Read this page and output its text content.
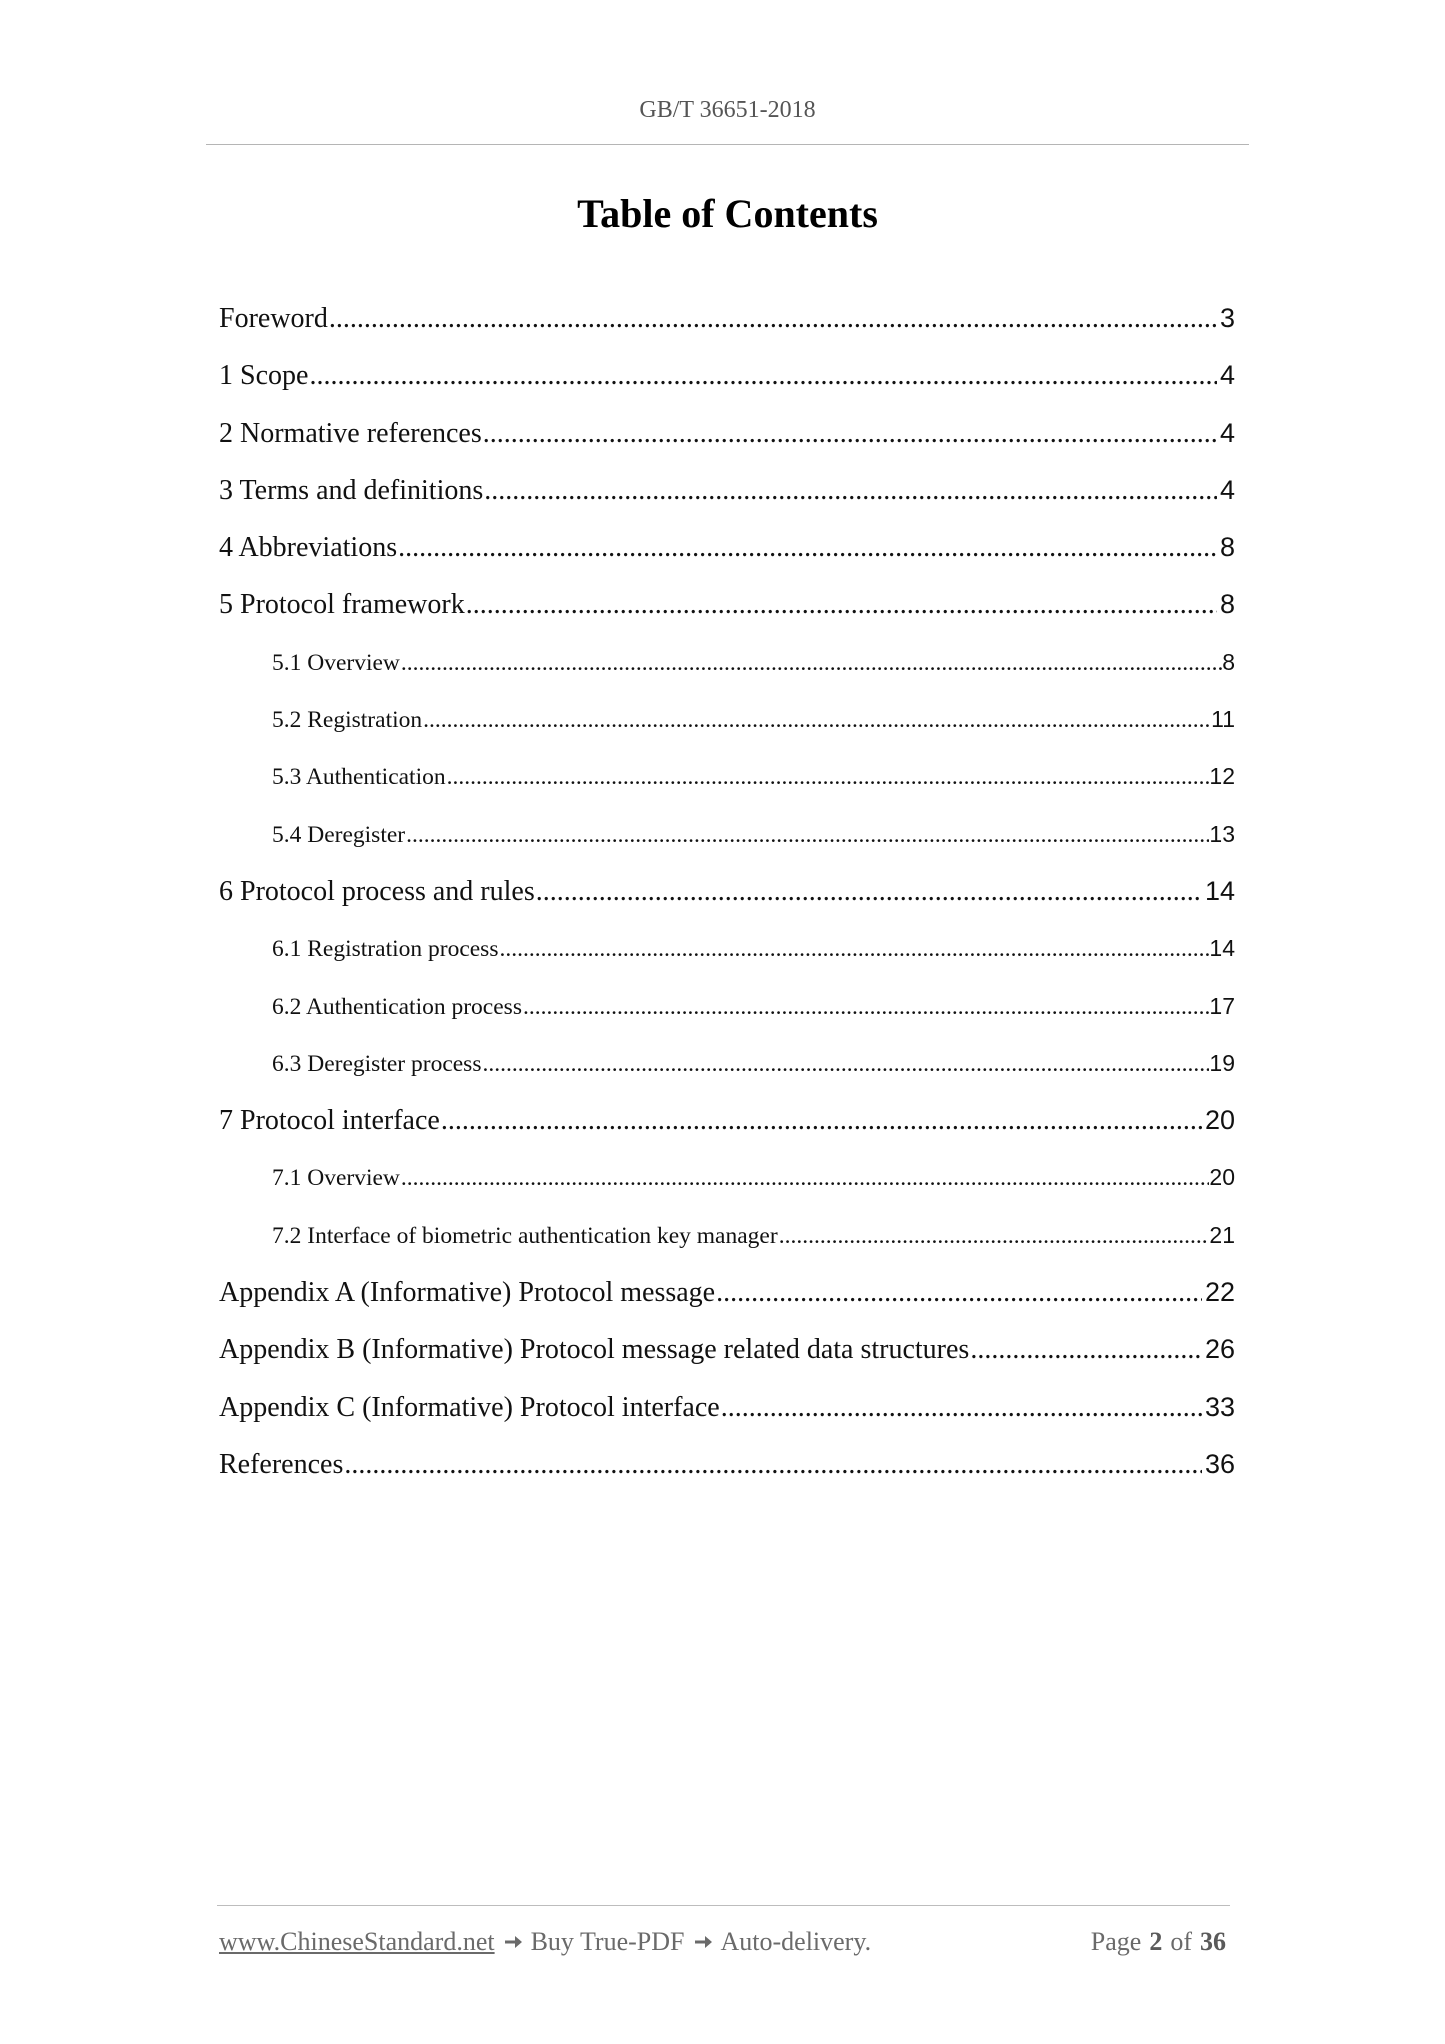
GB/T 36651-2018
Table of Contents
Foreword .....	3
1 Scope .....	4
2 Normative references .....	4
3 Terms and definitions .....	4
4 Abbreviations .....	8
5 Protocol framework .....	8
5.1 Overview .....	8
5.2 Registration .....	11
5.3 Authentication .....	12
5.4 Deregister .....	13
6 Protocol process and rules .....	14
6.1 Registration process .....	14
6.2 Authentication process .....	17
6.3 Deregister process .....	19
7 Protocol interface .....	20
7.1 Overview .....	20
7.2 Interface of biometric authentication key manager .....	21
Appendix A (Informative) Protocol message .....	22
Appendix B (Informative) Protocol message related data structures .....	26
Appendix C (Informative) Protocol interface .....	33
References .....	36
www.ChineseStandard.net Buy True-PDF Auto-delivery.	Page 2 of 36
